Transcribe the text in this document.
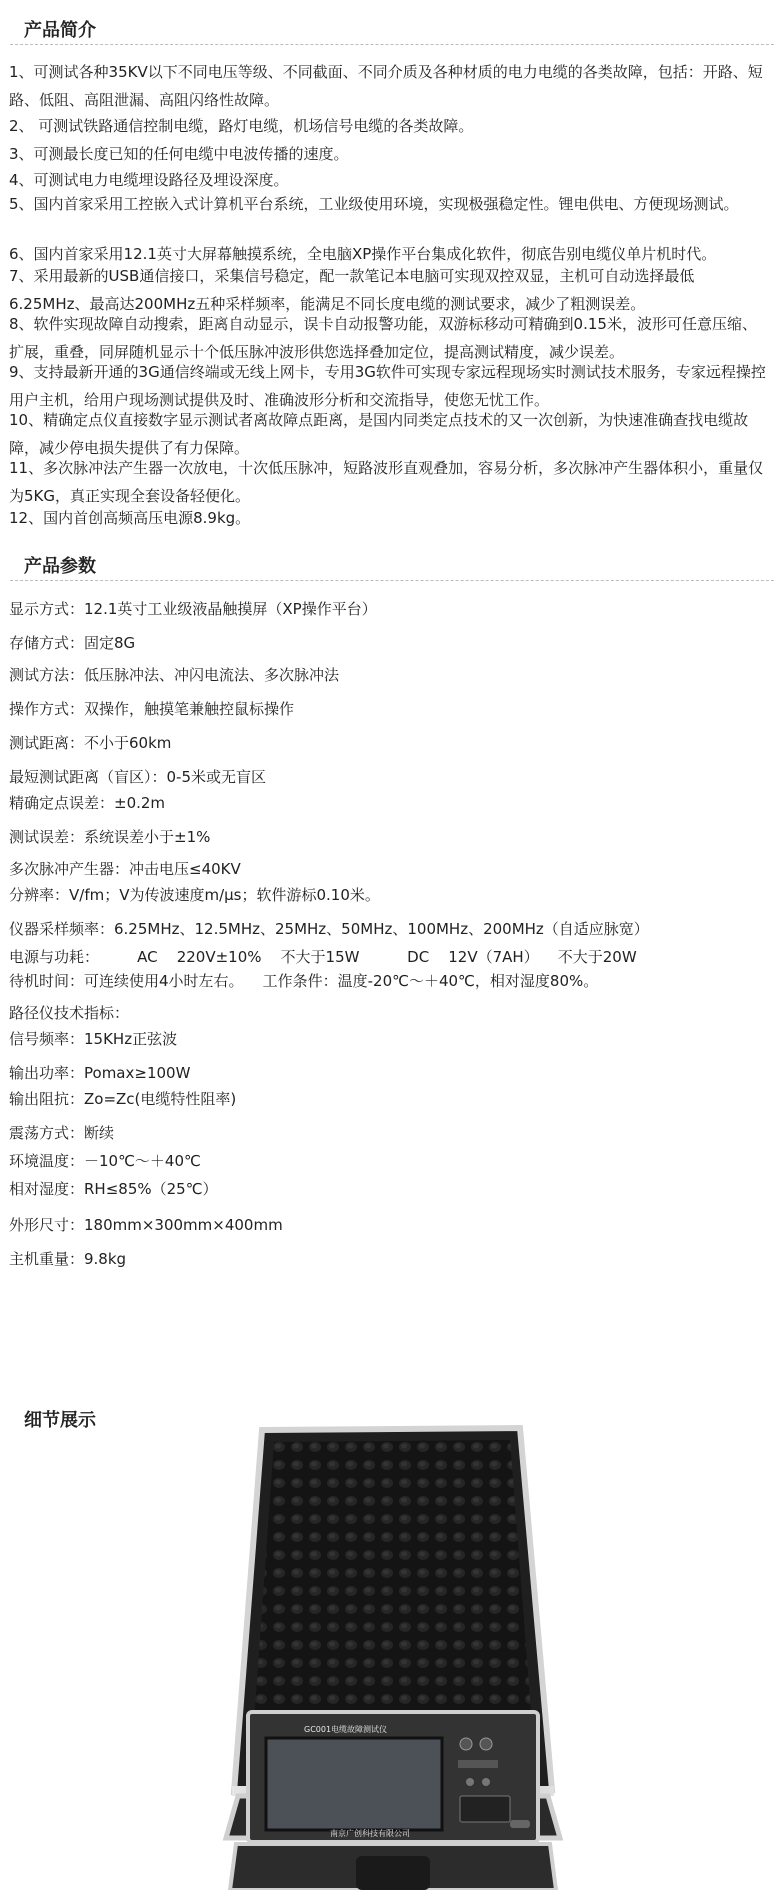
产品简介
1、可测试各种35KV以下不同电压等级、不同截面、不同介质及各种材质的电力电缆的各类故障，包括：开路、短路、低阻、高阻泄漏、高阻闪络性故障。
2、 可测试铁路通信控制电缆，路灯电缆，机场信号电缆的各类故障。
3、可测最长度已知的任何电缆中电波传播的速度。
4、可测试电力电缆埋设路径及埋设深度。
5、国内首家采用工控嵌入式计算机平台系统，工业级使用环境，实现极强稳定性。锂电供电、方便现场测试。
6、国内首家采用12.1英寸大屏幕触摸系统，全电脑XP操作平台集成化软件，彻底告别电缆仪单片机时代。
7、采用最新的USB通信接口，采集信号稳定，配一款笔记本电脑可实现双控双显，主机可自动选择最低6.25MHz、最高达200MHz五种采样频率，能满足不同长度电缆的测试要求，减少了粗测误差。
8、软件实现故障自动搜索，距离自动显示，误卡自动报警功能，双游标移动可精确到0.15米，波形可任意压缩、扩展，重叠，同屏随机显示十个低压脉冲波形供您选择叠加定位，提高测试精度，减少误差。
9、支持最新开通的3G通信终端或无线上网卡，专用3G软件可实现专家远程现场实时测试技术服务，专家远程操控用户主机，给用户现场测试提供及时、准确波形分析和交流指导，使您无忧工作。
10、精确定点仪直接数字显示测试者离故障点距离，是国内同类定点技术的又一次创新，为快速准确查找电缆故障，减少停电损失提供了有力保障。
11、多次脉冲法产生器一次放电，十次低压脉冲，短路波形直观叠加，容易分析，多次脉冲产生器体积小，重量仅为5KG，真正实现全套设备轻便化。
12、国内首创高频高压电源8.9kg。
产品参数
显示方式：12.1英寸工业级液晶触摸屏（XP操作平台）
存储方式：固定8G
测试方法：低压脉冲法、冲闪电流法、多次脉冲法
操作方式：双操作，触摸笔兼触控鼠标操作
测试距离：不小于60km
最短测试距离（盲区）：0-5米或无盲区
精确定点误差：±0.2m
测试误差：系统误差小于±1%
多次脉冲产生器：冲击电压≤40KV
分辨率：V/fm；V为传波速度m/μs；软件游标0.10米。
仪器采样频率：6.25MHz、12.5MHz、25MHz、50MHz、100MHz、200MHz（自适应脉宽）
电源与功耗：        AC    220V±10%    不大于15W          DC    12V（7AH）    不大于20W
待机时间：可连续使用4小时左右。    工作条件：温度-20℃～＋40℃，相对湿度80%。
路径仪技术指标：
信号频率：15KHz正弦波
输出功率：Pomax≥100W
输出阻抗：Zo=Zc(电缆特性阻率)
震荡方式：断续
环境温度：－10℃～＋40℃
相对湿度：RH≤85%（25℃）
外形尺寸：180mm×300mm×400mm
主机重量：9.8kg
细节展示
GC001电缆故障测试仪
南京广创科技有限公司
